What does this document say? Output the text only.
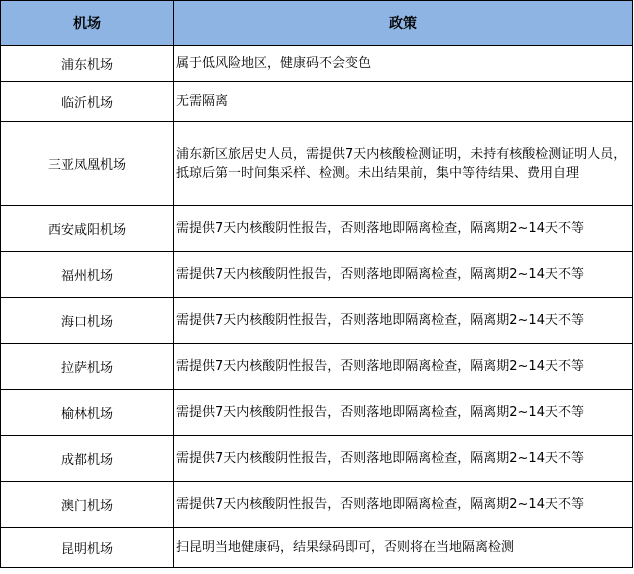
机场	政策
浦东机场	属于低风险地区，健康码不会变色
临沂机场	无需隔离
三亚凤凰机场	浦东新区旅居史人员，需提供7天内核酸检测证明，未持有核酸检测证明人员，抵琼后第一时间集采样、检测。未出结果前，集中等待结果、费用自理
西安咸阳机场	需提供7天内核酸阴性报告，否则落地即隔离检查，隔离期2~14天不等
福州机场	需提供7天内核酸阴性报告，否则落地即隔离检查，隔离期2~14天不等
海口机场	需提供7天内核酸阴性报告，否则落地即隔离检查，隔离期2~14天不等
拉萨机场	需提供7天内核酸阴性报告，否则落地即隔离检查，隔离期2~14天不等
榆林机场	需提供7天内核酸阴性报告，否则落地即隔离检查，隔离期2~14天不等
成都机场	需提供7天内核酸阴性报告，否则落地即隔离检查，隔离期2~14天不等
澳门机场	需提供7天内核酸阴性报告，否则落地即隔离检查，隔离期2~14天不等
昆明机场	扫昆明当地健康码，结果绿码即可，否则将在当地隔离检测
